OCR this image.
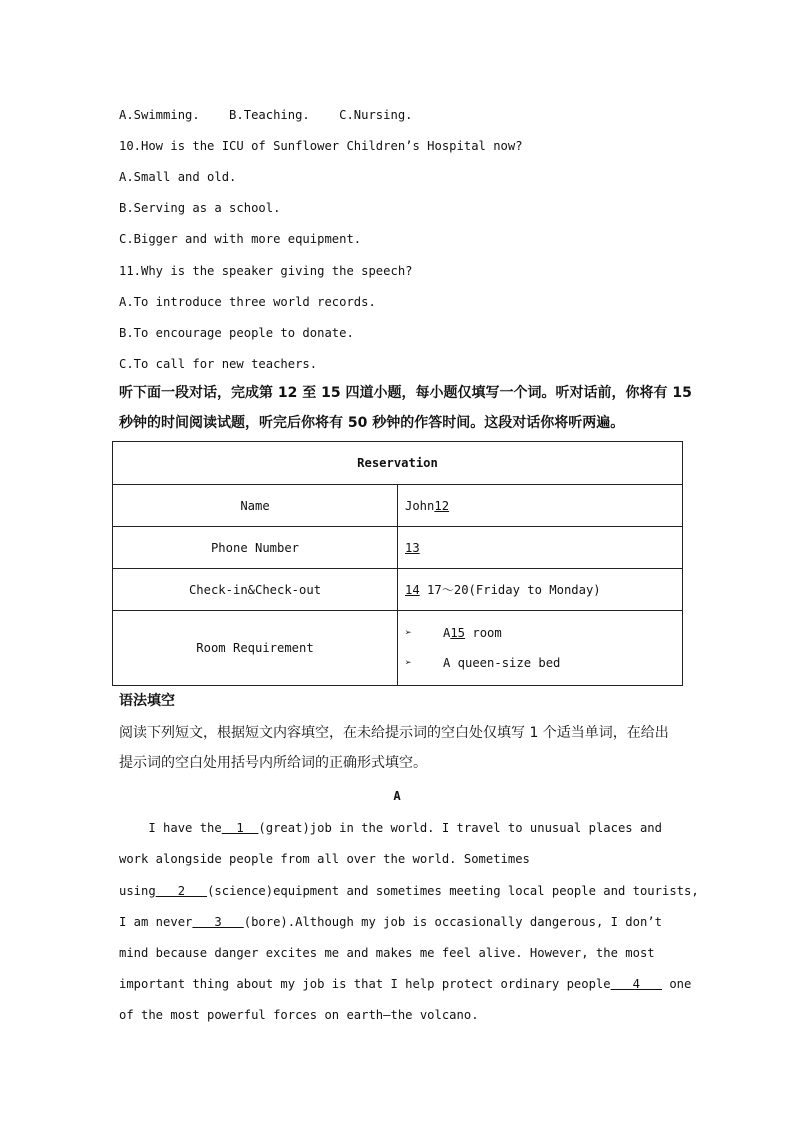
A.Swimming.    B.Teaching.    C.Nursing.
10.How is the ICU of Sunflower Children’s Hospital now?
A.Small and old.
B.Serving as a school.
C.Bigger and with more equipment.
11.Why is the speaker giving the speech?
A.To introduce three world records.
B.To encourage people to donate.
C.To call for new teachers.
听下面一段对话，完成第 12 至 15 四道小题，每小题仅填写一个词。听对话前，你将有 15
秒钟的时间阅读试题，听完后你将有 50 秒钟的作答时间。这段对话你将听两遍。
Reservation	
Name	John12
Phone Number	13
Check-in&Check-out	14 17～20(Friday to Monday)
Room Requirement	➢ A15 room
➢ A queen-size bed
语法填空
阅读下列短文，根据短文内容填空，在未给提示词的空白处仅填写 1 个适当单词，在给出
提示词的空白处用括号内所给词的正确形式填空。
A
I have the  1  (great)job in the world. I travel to unusual places and
work alongside people from all over the world. Sometimes
using   2   (science)equipment and sometimes meeting local people and tourists,
I am never   3   (bore).Although my job is occasionally dangerous, I don’t
mind because danger excites me and makes me feel alive. However, the most
important thing about my job is that I help protect ordinary people   4    one
of the most powerful forces on earth—the volcano.
